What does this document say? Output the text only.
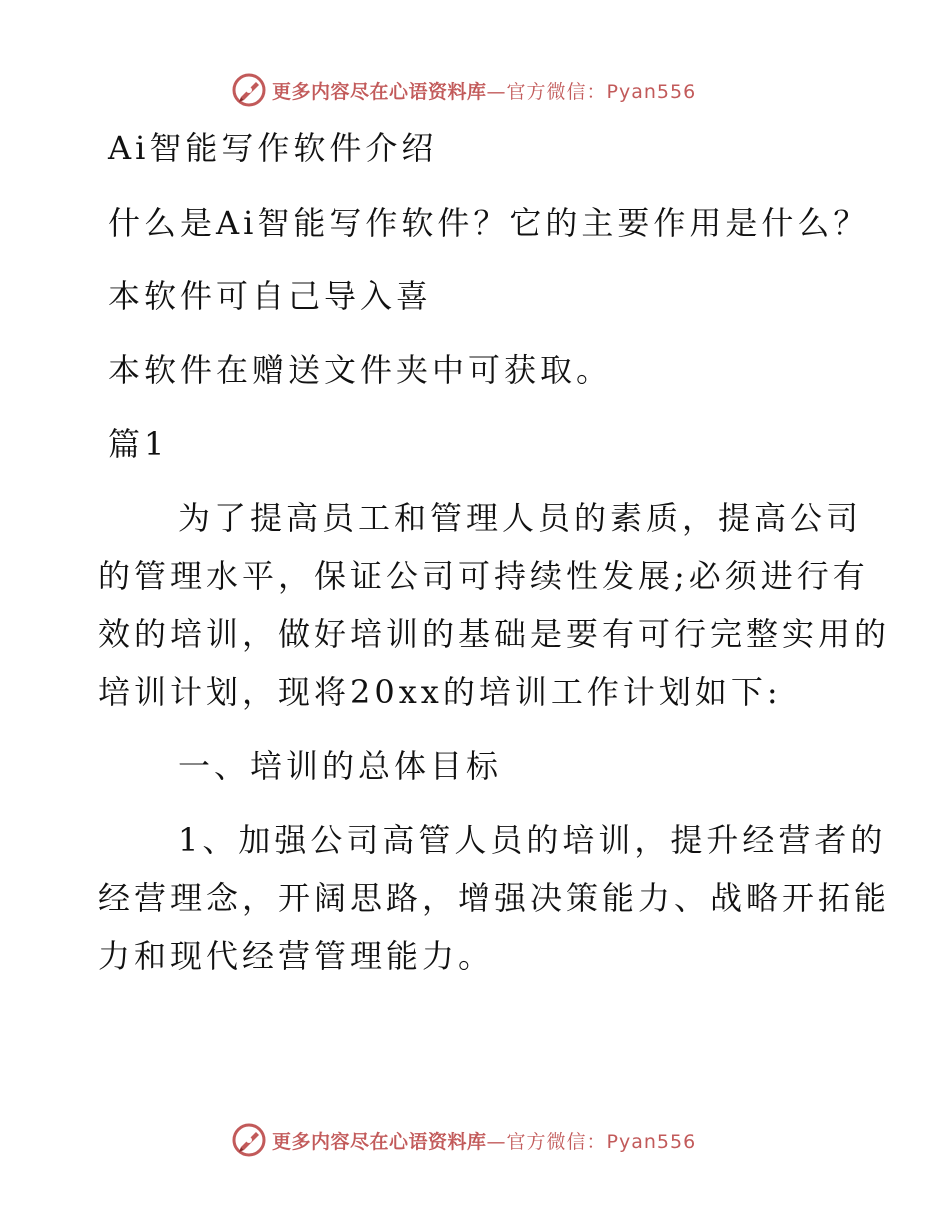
更多内容尽在心语资料库 —官方微信：Pyan556
Ai智能写作软件介绍
什么是Ai智能写作软件？它的主要作用是什么？
本软件可自己导入喜
本软件在赠送文件夹中可获取。
篇1
为了提高员工和管理人员的素质，提高公司
的管理水平，保证公司可持续性发展;必须进行有
效的培训，做好培训的基础是要有可行完整实用的
培训计划，现将20xx的培训工作计划如下:
一、培训的总体目标
1、加强公司高管人员的培训，提升经营者的
经营理念，开阔思路，增强决策能力、战略开拓能
力和现代经营管理能力。
更多内容尽在心语资料库 —官方微信：Pyan556
